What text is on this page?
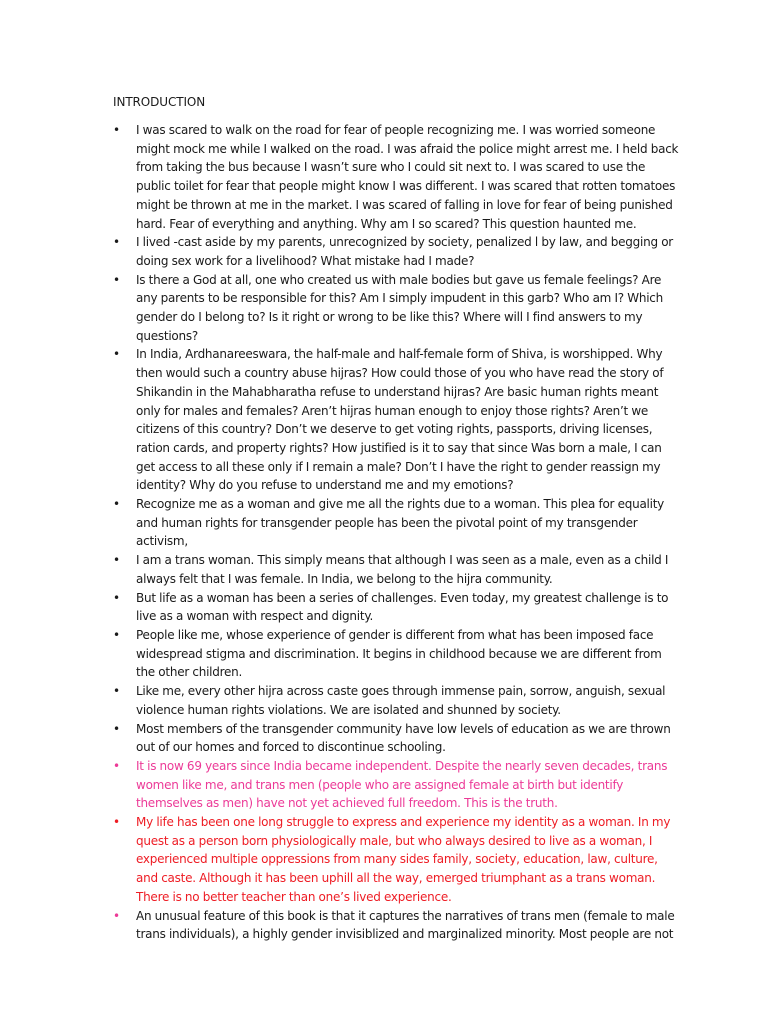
INTRODUCTION
• I was scared to walk on the road for fear of people recognizing me. I was worried someone might mock me while I walked on the road. I was afraid the police might arrest me. I held back from taking the bus because I wasn’t sure who I could sit next to. I was scared to use the public toilet for fear that people might know I was different. I was scared that rotten tomatoes might be thrown at me in the market. I was scared of falling in love for fear of being punished hard. Fear of everything and anything. Why am I so scared? This question haunted me.
• I lived -cast aside by my parents, unrecognized by society, penalized l by law, and begging or doing sex work for a livelihood? What mistake had I made?
• Is there a God at all, one who created us with male bodies but gave us female feelings? Are any parents to be responsible for this? Am I simply impudent in this garb? Who am I? Which gender do I belong to? Is it right or wrong to be like this? Where will I find answers to my questions?
• In India, Ardhanareeswara, the half-male and half-female form of Shiva, is worshipped. Why then would such a country abuse hijras? How could those of you who have read the story of Shikandin in the Mahabharatha refuse to understand hijras? Are basic human rights meant only for males and females? Aren’t hijras human enough to enjoy those rights? Aren’t we citizens of this country? Don’t we deserve to get voting rights, passports, driving licenses, ration cards, and property rights? How justified is it to say that since Was born a male, I can get access to all these only if I remain a male? Don’t I have the right to gender reassign my identity? Why do you refuse to understand me and my emotions?
• Recognize me as a woman and give me all the rights due to a woman. This plea for equality and human rights for transgender people has been the pivotal point of my transgender activism,
• I am a trans woman. This simply means that although I was seen as a male, even as a child I always felt that I was female. In India, we belong to the hijra community.
• But life as a woman has been a series of challenges. Even today, my greatest challenge is to live as a woman with respect and dignity.
• People like me, whose experience of gender is different from what has been imposed face widespread stigma and discrimination. It begins in childhood because we are different from the other children.
• Like me, every other hijra across caste goes through immense pain, sorrow, anguish, sexual violence human rights violations. We are isolated and shunned by society.
• Most members of the transgender community have low levels of education as we are thrown out of our homes and forced to discontinue schooling.
• It is now 69 years since India became independent. Despite the nearly seven decades, trans women like me, and trans men (people who are assigned female at birth but identify themselves as men) have not yet achieved full freedom. This is the truth.
• My life has been one long struggle to express and experience my identity as a woman. In my quest as a person born physiologically male, but who always desired to live as a woman, I experienced multiple oppressions from many sides family, society, education, law, culture, and caste. Although it has been uphill all the way, emerged triumphant as a trans woman. There is no better teacher than one’s lived experience.
• An unusual feature of this book is that it captures the narratives of trans men (female to male trans individuals), a highly gender invisiblized and marginalized minority. Most people are not
